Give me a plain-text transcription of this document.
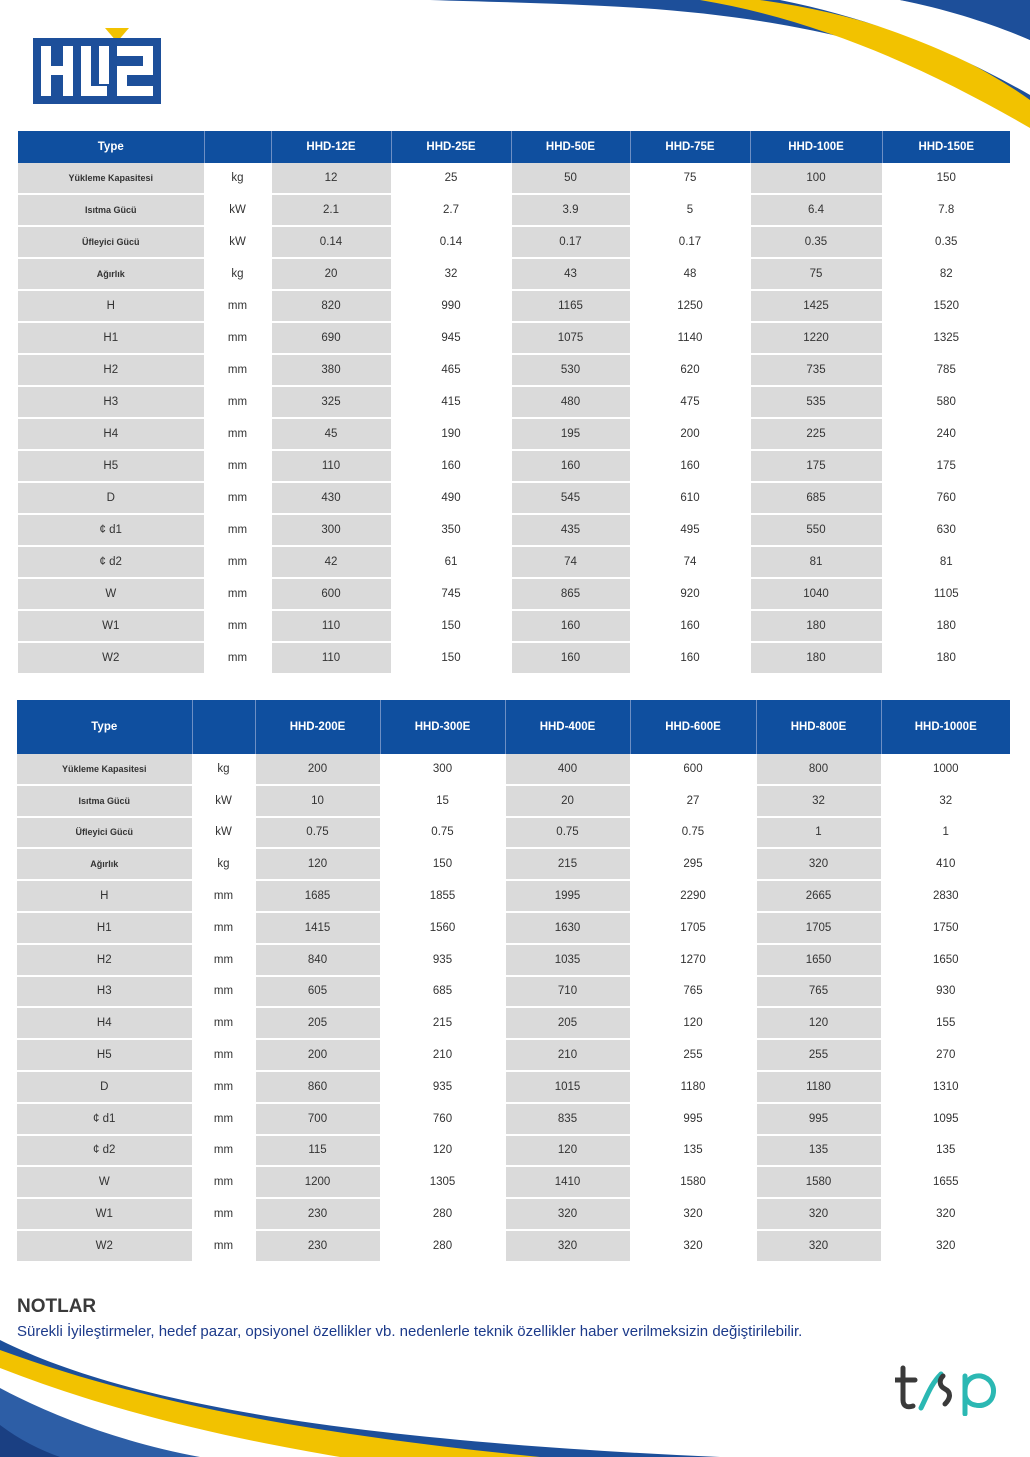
Type		HHD-12E	HHD-25E	HHD-50E	HHD-75E	HHD-100E	HHD-150E
Yükleme Kapasitesi	kg	12	25	50	75	100	150
Isıtma Gücü	kW	2.1	2.7	3.9	5	6.4	7.8
Üfleyici Gücü	kW	0.14	0.14	0.17	0.17	0.35	0.35
Ağırlık	kg	20	32	43	48	75	82
H	mm	820	990	1165	1250	1425	1520
H1	mm	690	945	1075	1140	1220	1325
H2	mm	380	465	530	620	735	785
H3	mm	325	415	480	475	535	580
H4	mm	45	190	195	200	225	240
H5	mm	110	160	160	160	175	175
D	mm	430	490	545	610	685	760
¢ d1	mm	300	350	435	495	550	630
¢ d2	mm	42	61	74	74	81	81
W	mm	600	745	865	920	1040	1105
W1	mm	110	150	160	160	180	180
W2	mm	110	150	160	160	180	180
Type		HHD-200E	HHD-300E	HHD-400E	HHD-600E	HHD-800E	HHD-1000E
Yükleme Kapasitesi	kg	200	300	400	600	800	1000
Isıtma Gücü	kW	10	15	20	27	32	32
Üfleyici Gücü	kW	0.75	0.75	0.75	0.75	1	1
Ağırlık	kg	120	150	215	295	320	410
H	mm	1685	1855	1995	2290	2665	2830
H1	mm	1415	1560	1630	1705	1705	1750
H2	mm	840	935	1035	1270	1650	1650
H3	mm	605	685	710	765	765	930
H4	mm	205	215	205	120	120	155
H5	mm	200	210	210	255	255	270
D	mm	860	935	1015	1180	1180	1310
¢ d1	mm	700	760	835	995	995	1095
¢ d2	mm	115	120	120	135	135	135
W	mm	1200	1305	1410	1580	1580	1655
W1	mm	230	280	320	320	320	320
W2	mm	230	280	320	320	320	320
NOTLAR
Sürekli İyileştirmeler, hedef pazar, opsiyonel özellikler vb. nedenlerle teknik özellikler haber verilmeksizin değiştirilebilir.
